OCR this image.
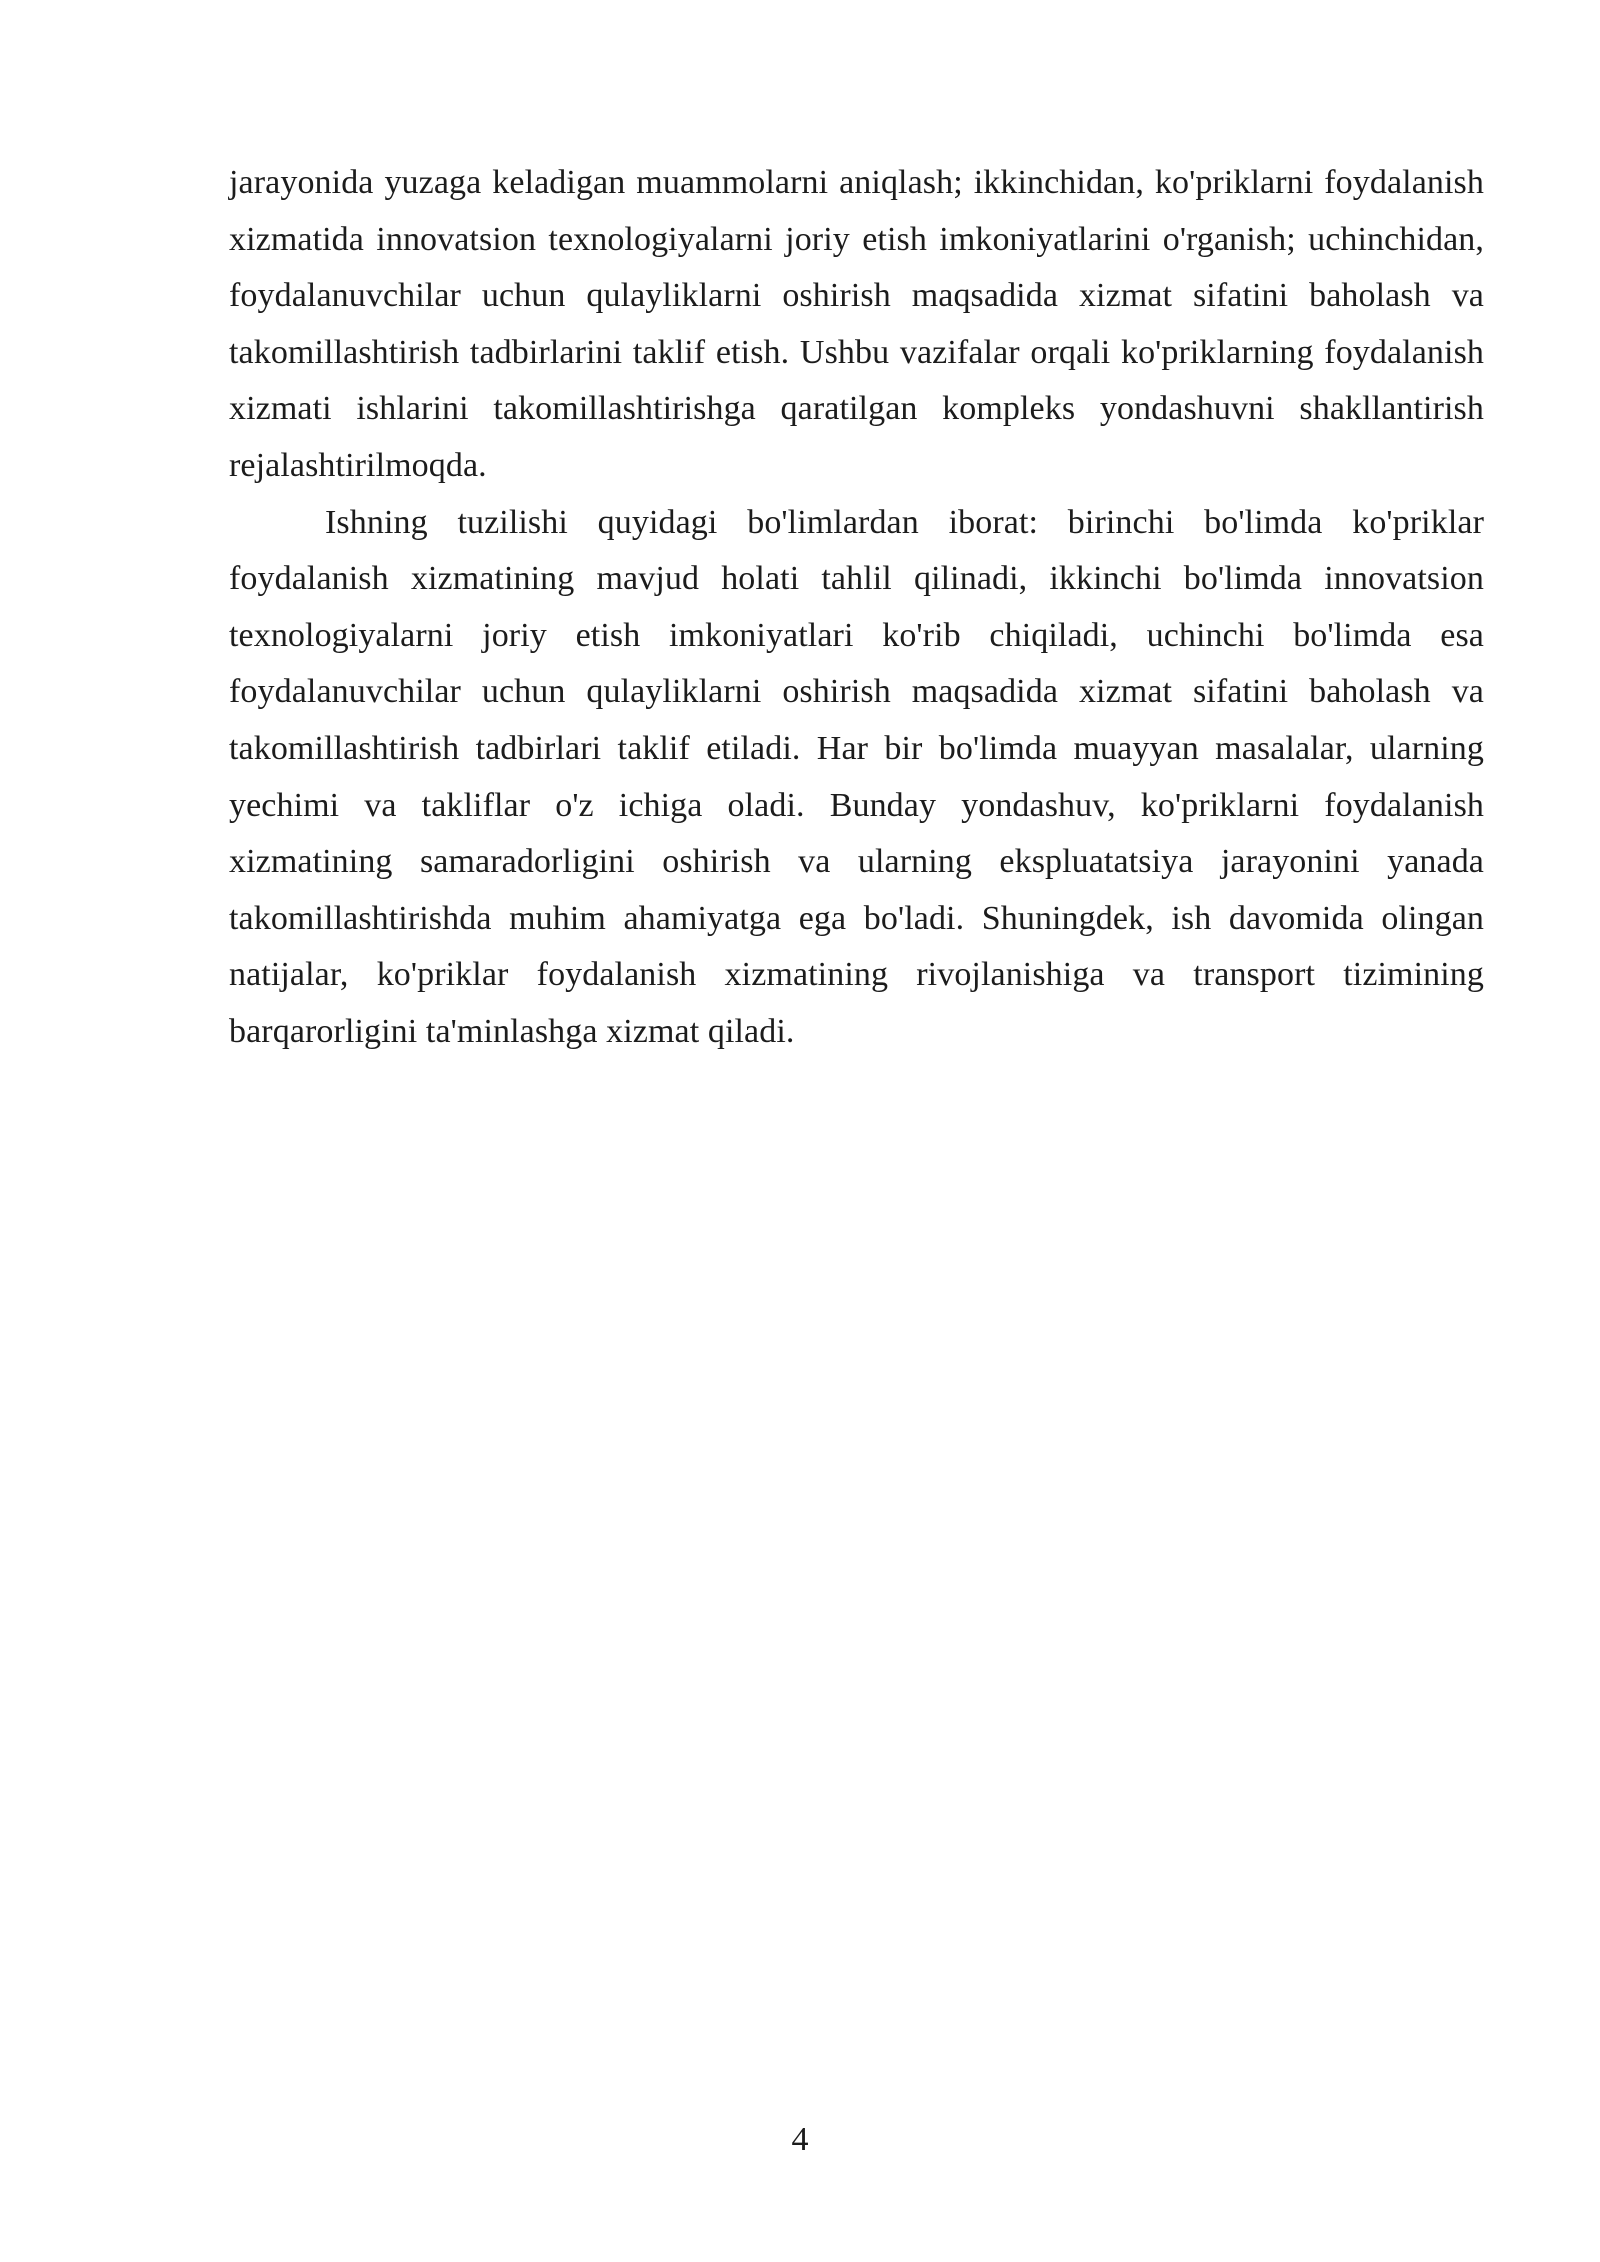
jarayonida yuzaga keladigan muammolarni aniqlash; ikkinchidan, ko'priklarni foydalanish xizmatida innovatsion texnologiyalarni joriy etish imkoniyatlarini o'rganish; uchinchidan, foydalanuvchilar uchun qulayliklarni oshirish maqsadida xizmat sifatini baholash va takomillashtirish tadbirlarini taklif etish. Ushbu vazifalar orqali ko'priklarning foydalanish xizmati ishlarini takomillashtirishga qaratilgan kompleks yondashuvni shakllantirish rejalashtirilmoqda.

Ishning tuzilishi quyidagi bo'limlardan iborat: birinchi bo'limda ko'priklar foydalanish xizmatining mavjud holati tahlil qilinadi, ikkinchi bo'limda innovatsion texnologiyalarni joriy etish imkoniyatlari ko'rib chiqiladi, uchinchi bo'limda esa foydalanuvchilar uchun qulayliklarni oshirish maqsadida xizmat sifatini baholash va takomillashtirish tadbirlari taklif etiladi. Har bir bo'limda muayyan masalalar, ularning yechimi va takliflar o'z ichiga oladi. Bunday yondashuv, ko'priklarni foydalanish xizmatining samaradorligini oshirish va ularning ekspluatatsiya jarayonini yanada takomillashtirishda muhim ahamiyatga ega bo'ladi. Shuningdek, ish davomida olingan natijalar, ko'priklar foydalanish xizmatining rivojlanishiga va transport tizimining barqarorligini ta'minlashga xizmat qiladi.

4
